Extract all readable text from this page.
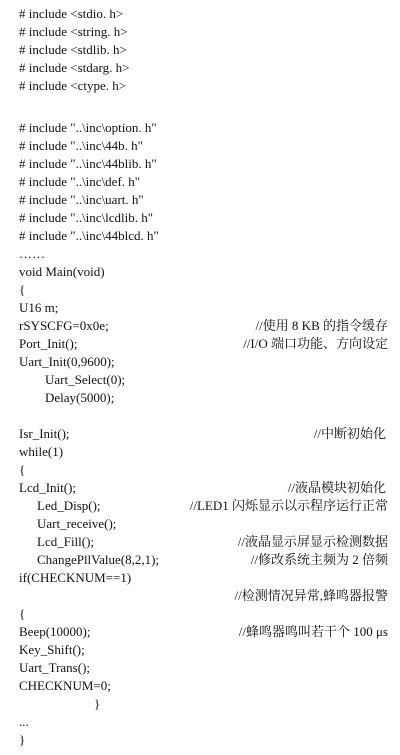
# include <stdio. h>
# include <string. h>
# include <stdlib. h>
# include <stdarg. h>
# include <ctype. h>
# include "..\inc\option. h"
# include "..\inc\44b. h"
# include "..\inc\44blib. h"
# include "..\inc\def. h"
# include "..\inc\uart. h"
# include "..\inc\lcdlib. h"
# include "..\inc\44blcd. h"
……
void Main(void)
{
U16 m;
rSYSCFG=0x0e;	//使用 8 KB 的指令缓存
Port_Init();	//I/O 端口功能、方向设定
Uart_Init(0,9600);
Uart_Select(0);
Delay(5000);
Isr_Init();	//中断初始化
while(1)
{
Lcd_Init();	//液晶模块初始化
Led_Disp();	//LED1 闪烁显示以示程序运行正常
Uart_receive();
Lcd_Fill();	//液晶显示屏显示检测数据
ChangePllValue(8,2,1);	//修改系统主频为 2 倍频
if(CHECKNUM==1)
//检测情况异常,蜂鸣器报警
{
Beep(10000);	//蜂鸣器鸣叫若干个 100 μs
Key_Shift();
Uart_Trans();
CHECKNUM=0;
}
...
}
